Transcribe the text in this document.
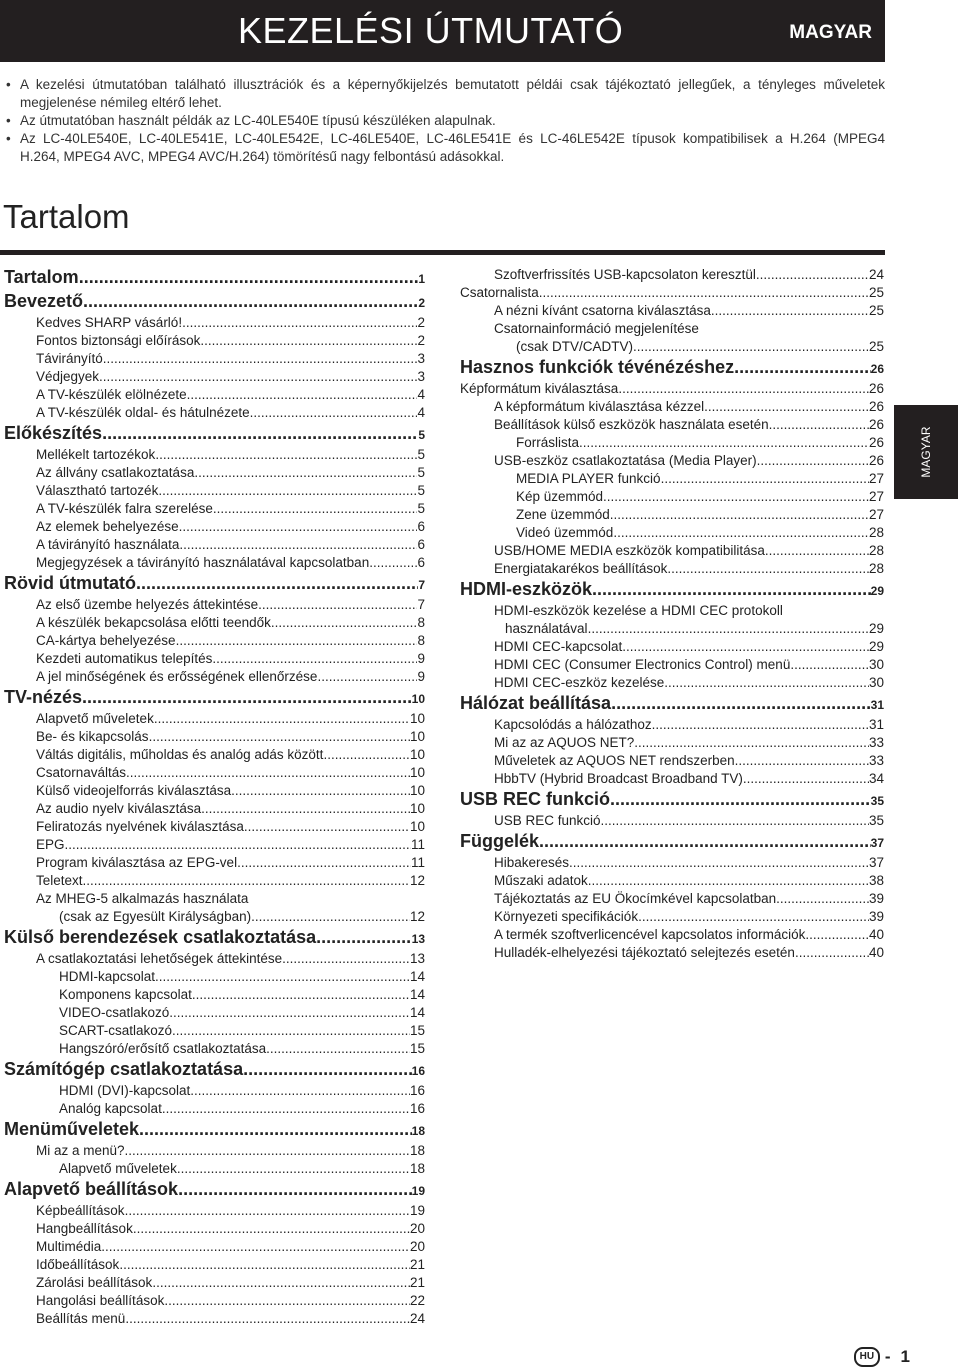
KEZELÉSI ÚTMUTATÓ	MAGYAR
• A kezelési útmutatóban található illusztrációk és a képernyőkijelzés bemutatott példái csak tájékoztató jellegűek, a tényleges műveletek megjelenése némileg eltérő lehet.
• Az útmutatóban használt példák az LC-40LE540E típusú készüléken alapulnak.
• Az LC-40LE540E, LC-40LE541E, LC-40LE542E, LC-46LE540E, LC-46LE541E és LC-46LE542E típusok kompatibilisek a H.264 (MPEG4 H.264, MPEG4 AVC, MPEG4 AVC/H.264) tömörítésű nagy felbontású adásokkal.
Tartalom
Tartalom .....	1
Bevezető .....	2
Kedves SHARP vásárló! .....	2
Fontos biztonsági előírások .....	2
Távirányító .....	3
Védjegyek .....	3
A TV-készülék elölnézete .....	4
A TV-készülék oldal- és hátulnézete .....	4
Előkészítés .....	5
Mellékelt tartozékok .....	5
Az állvány csatlakoztatása .....	5
Választható tartozék .....	5
A TV-készülék falra szerelése .....	5
Az elemek behelyezése .....	6
A távirányító használata .....	6
Megjegyzések a távirányító használatával kapcsolatban .....	6
Rövid útmutató .....	7
Az első üzembe helyezés áttekintése .....	7
A készülék bekapcsolása előtti teendők .....	8
CA-kártya behelyezése .....	8
Kezdeti automatikus telepítés .....	9
A jel minőségének és erősségének ellenőrzése .....	9
TV-nézés .....	10
Alapvető műveletek .....	10
Be- és kikapcsolás .....	10
Váltás digitális, műholdas és analóg adás között .....	10
Csatornaváltás .....	10
Külső videojelforrás kiválasztása .....	10
Az audio nyelv kiválasztása .....	10
Feliratozás nyelvének kiválasztása .....	10
EPG .....	11
Program kiválasztása az EPG-vel .....	11
Teletext .....	12
Az MHEG-5 alkalmazás használata
(csak az Egyesült Királyságban) .....	12
Külső berendezések csatlakoztatása .....	13
A csatlakoztatási lehetőségek áttekintése .....	13
HDMI-kapcsolat .....	14
Komponens kapcsolat .....	14
VIDEO-csatlakozó .....	14
SCART-csatlakozó .....	15
Hangszóró/erősítő csatlakoztatása .....	15
Számítógép csatlakoztatása .....	16
HDMI (DVI)-kapcsolat .....	16
Analóg kapcsolat .....	16
Menüműveletek .....	18
Mi az a menü? .....	18
Alapvető műveletek .....	18
Alapvető beállítások .....	19
Képbeállítások .....	19
Hangbeállítások .....	20
Multimédia .....	20
Időbeállítások .....	21
Zárolási beállítások .....	21
Hangolási beállítások .....	22
Beállítás menü .....	24
Szoftverfrissítés USB-kapcsolaton keresztül .....	24
Csatornalista .....	25
A nézni kívánt csatorna kiválasztása .....	25
Csatornainformáció megjelenítése
(csak DTV/CADTV) .....	25
Hasznos funkciók tévénézéshez .....	26
Képformátum kiválasztása .....	26
A képformátum kiválasztása kézzel .....	26
Beállítások külső eszközök használata esetén .....	26
Forráslista .....	26
USB-eszköz csatlakoztatása (Media Player) .....	26
MEDIA PLAYER funkció .....	27
Kép üzemmód .....	27
Zene üzemmód .....	27
Videó üzemmód .....	28
USB/HOME MEDIA eszközök kompatibilitása .....	28
Energiatakarékos beállítások .....	28
HDMI-eszközök .....	29
HDMI-eszközök kezelése a HDMI CEC protokoll
használatával .....	29
HDMI CEC-kapcsolat .....	29
HDMI CEC (Consumer Electronics Control) menü .....	30
HDMI CEC-eszköz kezelése .....	30
Hálózat beállítása .....	31
Kapcsolódás a hálózathoz .....	31
Mi az az AQUOS NET? .....	33
Műveletek az AQUOS NET rendszerben .....	33
HbbTV (Hybrid Broadcast Broadband TV) .....	34
USB REC funkció .....	35
USB REC funkció .....	35
Függelék .....	37
Hibakeresés .....	37
Műszaki adatok .....	38
Tájékoztatás az EU Ökocímkével kapcsolatban .....	39
Környezeti specifikációk .....	39
A termék szoftverlicencével kapcsolatos információk .....	40
Hulladék-elhelyezési tájékoztató selejtezés esetén .....	40
MAGYAR
HU - 1
